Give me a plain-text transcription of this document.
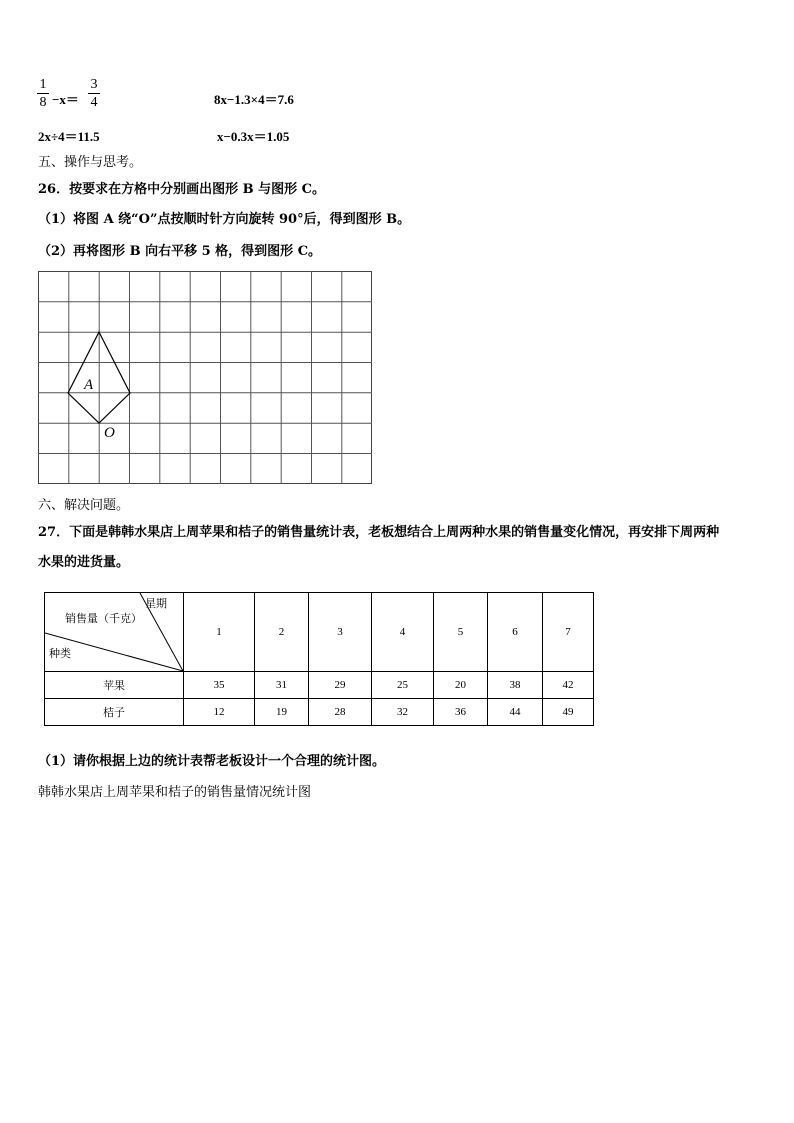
1
8 −x＝
3
4	8x−1.3×4＝7.6
2x÷4＝11.5	x−0.3x＝1.05
五、操作与思考。
26．按要求在方格中分别画出图形 B 与图形 C。
（1）将图 A 绕“O”点按顺时针方向旋转 90°后，得到图形 B。
（2）再将图形 B 向右平移 5 格，得到图形 C。
A
O
六、解决问题。
27．下面是韩韩水果店上周苹果和桔子的销售量统计表，老板想结合上周两种水果的销售量变化情况，再安排下周两种
水果的进货量。
星期
销售量（千克）
种类	1	2	3	4	5	6	7
苹果	35	31	29	25	20	38	42
桔子	12	19	28	32	36	44	49
（1）请你根据上边的统计表帮老板设计一个合理的统计图。
韩韩水果店上周苹果和桔子的销售量情况统计图
